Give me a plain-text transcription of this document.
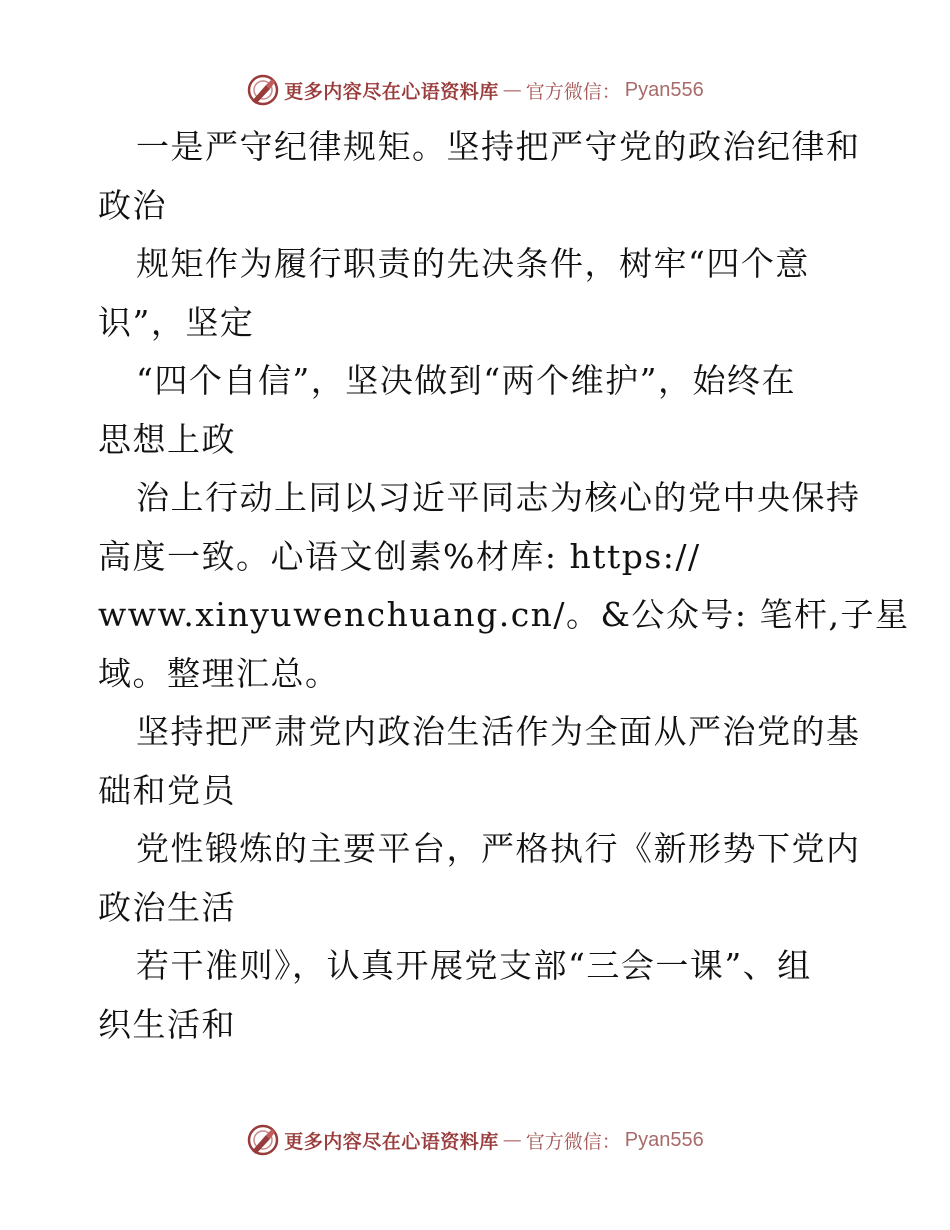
更多内容尽在心语资料库 — 官方微信： Pyan556
一是严守纪律规矩。坚持把严守党的政治纪律和
政治
规矩作为履行职责的先决条件，树牢“四个意
识”，坚定
“四个自信”，坚决做到“两个维护”，始终在
思想上政
治上行动上同以习近平同志为核心的党中央保持
高度一致。心语文创素%材库: https://
www.xinyuwenchuang.cn/。&公众号: 笔杆,子星
域。整理汇总。
坚持把严肃党内政治生活作为全面从严治党的基
础和党员
党性锻炼的主要平台，严格执行《新形势下党内
政治生活
若干准则》，认真开展党支部“三会一课”、组
织生活和
更多内容尽在心语资料库 — 官方微信： Pyan556
